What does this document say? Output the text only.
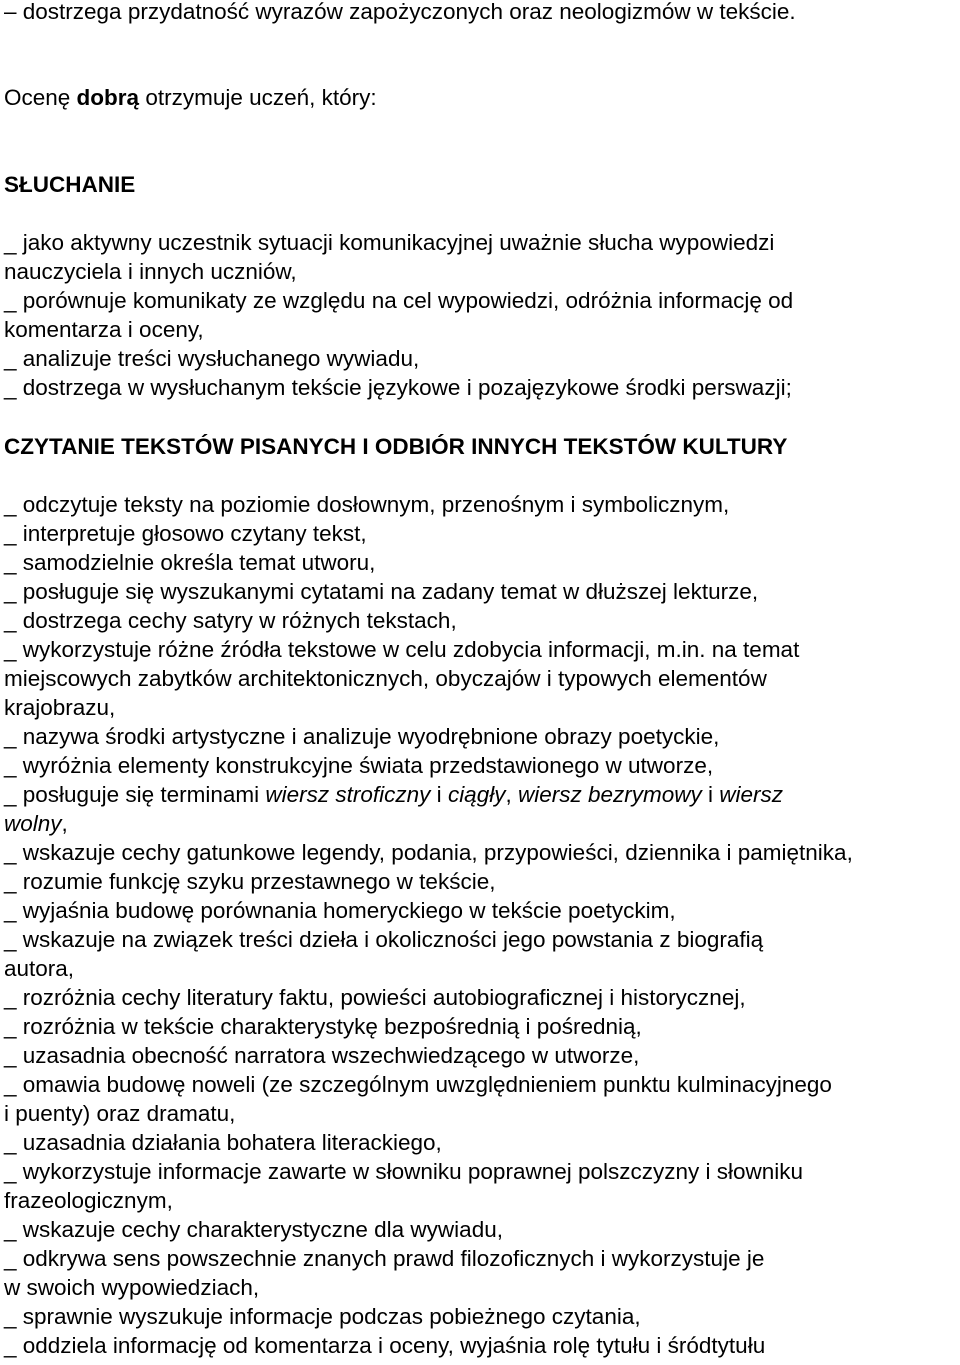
– dostrzega przydatność wyrazów zapożyczonych oraz neologizmów w tekście.
Ocenę dobrą otrzymuje uczeń, który:
SŁUCHANIE
_ jako aktywny uczestnik sytuacji komunikacyjnej uważnie słucha wypowiedzi
nauczyciela i innych uczniów,
_ porównuje komunikaty ze względu na cel wypowiedzi, odróżnia informację od
komentarza i oceny,
_ analizuje treści wysłuchanego wywiadu,
_ dostrzega w wysłuchanym tekście językowe i pozajęzykowe środki perswazji;
CZYTANIE TEKSTÓW PISANYCH I ODBIÓR INNYCH TEKSTÓW KULTURY
_ odczytuje teksty na poziomie dosłownym, przenośnym i symbolicznym,
_ interpretuje głosowo czytany tekst,
_ samodzielnie określa temat utworu,
_ posługuje się wyszukanymi cytatami na zadany temat w dłuższej lekturze,
_ dostrzega cechy satyry w różnych tekstach,
_ wykorzystuje różne źródła tekstowe w celu zdobycia informacji, m.in. na temat
miejscowych zabytków architektonicznych, obyczajów i typowych elementów
krajobrazu,
_ nazywa środki artystyczne i analizuje wyodrębnione obrazy poetyckie,
_ wyróżnia elementy konstrukcyjne świata przedstawionego w utworze,
_ posługuje się terminami wiersz stroficzny i ciągły, wiersz bezrymowy i wiersz
wolny,
_ wskazuje cechy gatunkowe legendy, podania, przypowieści, dziennika i pamiętnika,
_ rozumie funkcję szyku przestawnego w tekście,
_ wyjaśnia budowę porównania homeryckiego w tekście poetyckim,
_ wskazuje na związek treści dzieła i okoliczności jego powstania z biografią
autora,
_ rozróżnia cechy literatury faktu, powieści autobiograficznej i historycznej,
_ rozróżnia w tekście charakterystykę bezpośrednią i pośrednią,
_ uzasadnia obecność narratora wszechwiedzącego w utworze,
_ omawia budowę noweli (ze szczególnym uwzględnieniem punktu kulminacyjnego
i puenty) oraz dramatu,
_ uzasadnia działania bohatera literackiego,
_ wykorzystuje informacje zawarte w słowniku poprawnej polszczyzny i słowniku
frazeologicznym,
_ wskazuje cechy charakterystyczne dla wywiadu,
_ odkrywa sens powszechnie znanych prawd filozoficznych i wykorzystuje je
w swoich wypowiedziach,
_ sprawnie wyszukuje informacje podczas pobieżnego czytania,
_ oddziela informację od komentarza i oceny, wyjaśnia rolę tytułu i śródtytułu
